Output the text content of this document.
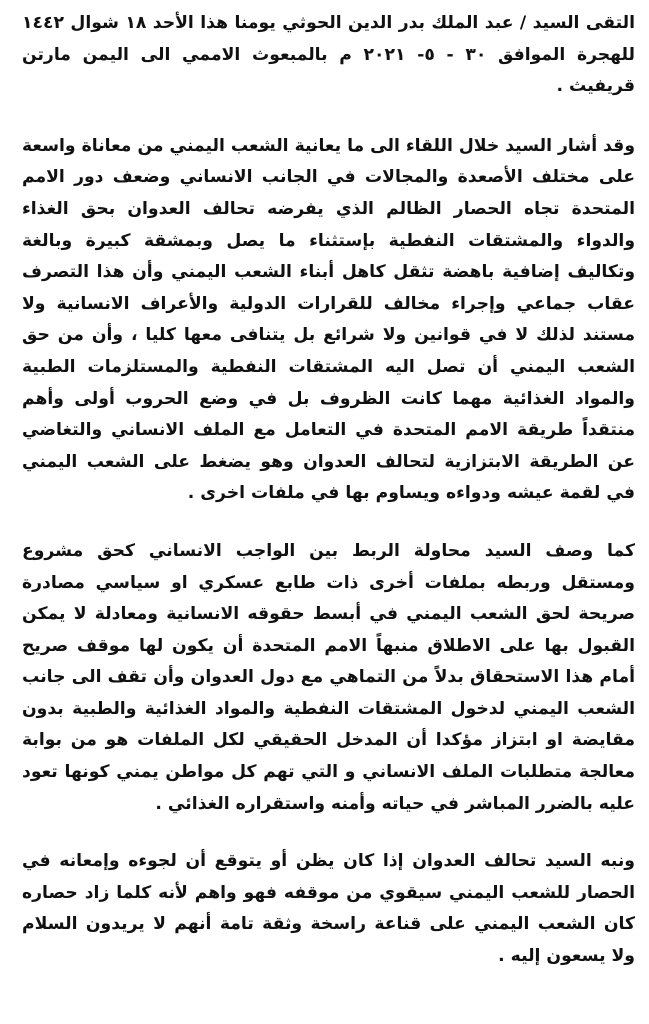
التقى السيد / عبد الملك بدر الدين الحوثي يومنا هذا الأحد ١٨ شوال ١٤٤٢ للهجرة الموافق ٣٠ - ٥- ٢٠٢١ م بالمبعوث الاممي الى اليمن مارتن قريفيث .

وقد أشار السيد خلال اللقاء الى ما يعانية الشعب اليمني من معاناة واسعة على مختلف الأصعدة والمجالات في الجانب الانساني وضعف دور الامم المتحدة تجاه الحصار الظالم الذي يفرضه تحالف العدوان بحق الغذاء والدواء والمشتقات النفطية بإستثناء ما يصل وبمشقة كبيرة وبالغة وتكاليف إضافية باهضة تثقل كاهل أبناء الشعب اليمني وأن هذا التصرف عقاب جماعي وإجراء مخالف للقرارات الدولية والأعراف الانسانية ولا مستند لذلك لا في قوانين ولا شرائع بل يتنافى معها كليا ، وأن من حق الشعب اليمني أن تصل اليه المشتقات النفطية والمستلزمات الطبية والمواد الغذائية مهما كانت الظروف بل في وضع الحروب أولى وأهم منتقداً طريقة الامم المتحدة في التعامل مع الملف الانساني والتغاضي عن الطريقة الابتزازية لتحالف العدوان وهو يضغط على الشعب اليمني في لقمة عيشه ودواءه ويساوم بها في ملفات اخرى .

كما وصف السيد محاولة الربط بين الواجب الانساني كحق مشروع ومستقل وربطه بملفات أخرى ذات طابع عسكري او سياسي مصادرة صريحة لحق الشعب اليمني في أبسط حقوقه الانسانية ومعادلة لا يمكن القبول بها على الاطلاق منبهاً الامم المتحدة أن يكون لها موقف صريح أمام هذا الاستحقاق بدلاً من التماهي مع دول العدوان وأن تقف الى جانب الشعب اليمني لدخول المشتقات النفطية والمواد الغذائية والطبية بدون مقايضة او ابتزاز مؤكدا أن المدخل الحقيقي لكل الملفات هو من بوابة معالجة متطلبات الملف الانساني و التي تهم كل مواطن يمني كونها تعود عليه بالضرر المباشر في حياته وأمنه واستقراره الغذائي .

ونبه السيد تحالف العدوان إذا كان يظن أو يتوقع أن لجوءه وإمعانه في الحصار للشعب اليمني سيقوي من موقفه فهو واهم لأنه كلما زاد حصاره كان الشعب اليمني على قناعة راسخة وثقة تامة أنهم لا يريدون السلام ولا يسعون إليه .
